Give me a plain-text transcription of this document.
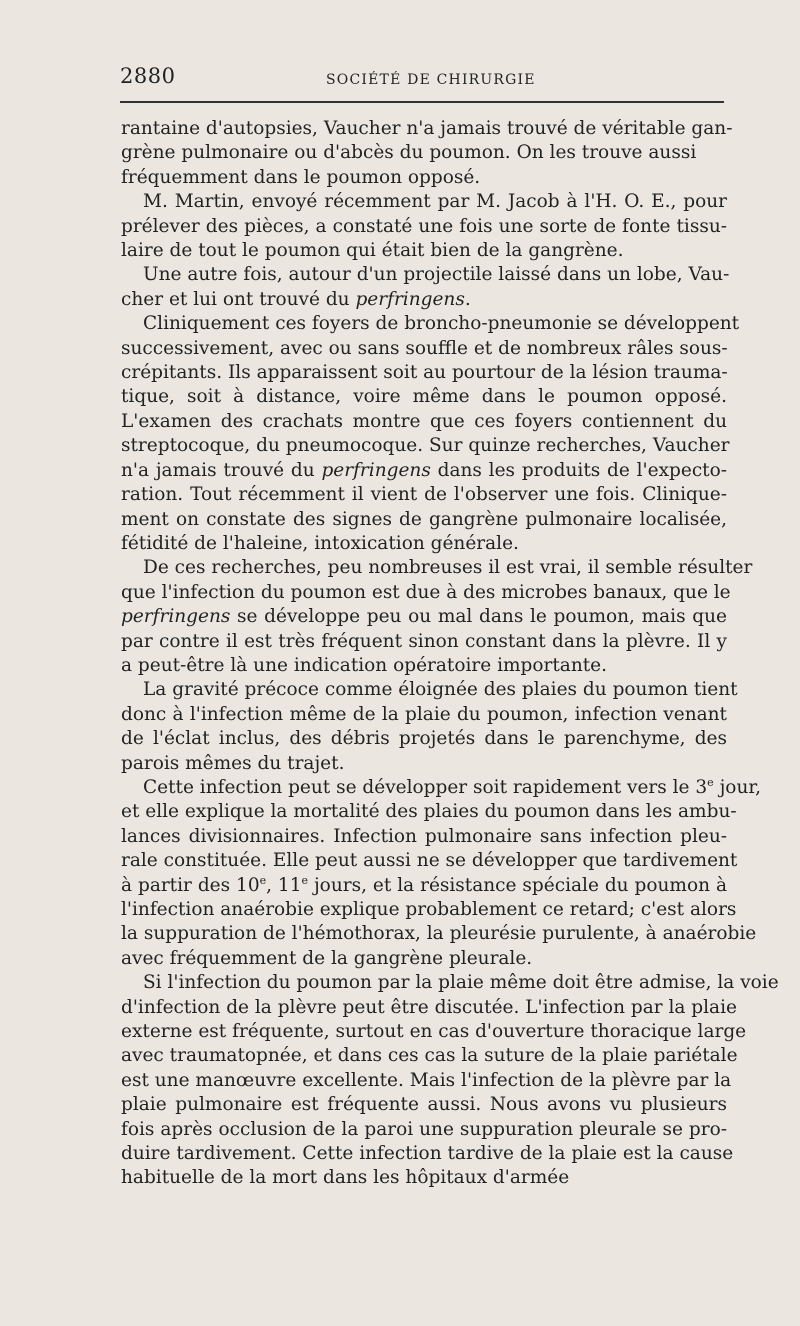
2880	SOCIÉTÉ DE CHIRURGIE
rantaine d'autopsies, Vaucher n'a jamais trouvé de véritable gan-
grène pulmonaire ou d'abcès du poumon. On les trouve aussi
fréquemment dans le poumon opposé.
M. Martin, envoyé récemment par M. Jacob à l'H. O. E., pour
prélever des pièces, a constaté une fois une sorte de fonte tissu-
laire de tout le poumon qui était bien de la gangrène.
Une autre fois, autour d'un projectile laissé dans un lobe, Vau-
cher et lui ont trouvé du perfringens.
Cliniquement ces foyers de broncho-pneumonie se développent
successivement, avec ou sans souffle et de nombreux râles sous-
crépitants. Ils apparaissent soit au pourtour de la lésion trauma-
tique, soit à distance, voire même dans le poumon opposé.
L'examen des crachats montre que ces foyers contiennent du
streptocoque, du pneumocoque. Sur quinze recherches, Vaucher
n'a jamais trouvé du perfringens dans les produits de l'expecto-
ration. Tout récemment il vient de l'observer une fois. Clinique-
ment on constate des signes de gangrène pulmonaire localisée,
fétidité de l'haleine, intoxication générale.
De ces recherches, peu nombreuses il est vrai, il semble résulter
que l'infection du poumon est due à des microbes banaux, que le
perfringens se développe peu ou mal dans le poumon, mais que
par contre il est très fréquent sinon constant dans la plèvre. Il y
a peut-être là une indication opératoire importante.
La gravité précoce comme éloignée des plaies du poumon tient
donc à l'infection même de la plaie du poumon, infection venant
de l'éclat inclus, des débris projetés dans le parenchyme, des
parois mêmes du trajet.
Cette infection peut se développer soit rapidement vers le 3e jour,
et elle explique la mortalité des plaies du poumon dans les ambu-
lances divisionnaires. Infection pulmonaire sans infection pleu-
rale constituée. Elle peut aussi ne se développer que tardivement
à partir des 10e, 11e jours, et la résistance spéciale du poumon à
l'infection anaérobie explique probablement ce retard; c'est alors
la suppuration de l'hémothorax, la pleurésie purulente, à anaérobie
avec fréquemment de la gangrène pleurale.
Si l'infection du poumon par la plaie même doit être admise, la voie
d'infection de la plèvre peut être discutée. L'infection par la plaie
externe est fréquente, surtout en cas d'ouverture thoracique large
avec traumatopnée, et dans ces cas la suture de la plaie pariétale
est une manœuvre excellente. Mais l'infection de la plèvre par la
plaie pulmonaire est fréquente aussi. Nous avons vu plusieurs
fois après occlusion de la paroi une suppuration pleurale se pro-
duire tardivement. Cette infection tardive de la plaie est la cause
habituelle de la mort dans les hôpitaux d'armée
